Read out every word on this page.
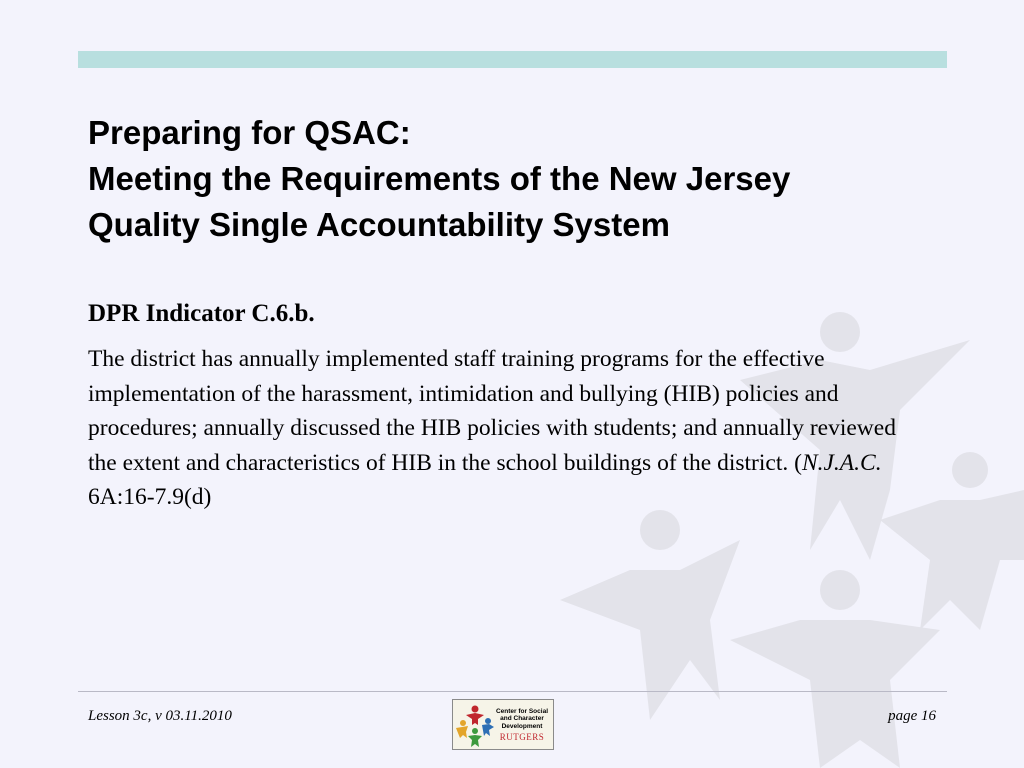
Preparing for QSAC:
Meeting the Requirements of the New Jersey
Quality Single Accountability System
DPR Indicator C.6.b.
The district has annually implemented staff training programs for the effective implementation of the harassment, intimidation and bullying (HIB) policies and procedures; annually discussed the HIB policies with students; and annually reviewed the extent and characteristics of HIB in the school buildings of the district. (N.J.A.C. 6A:16-7.9(d)
Lesson 3c, v 03.11.2010	Center for Social
and Character
Development
RUTGERS
page 16
